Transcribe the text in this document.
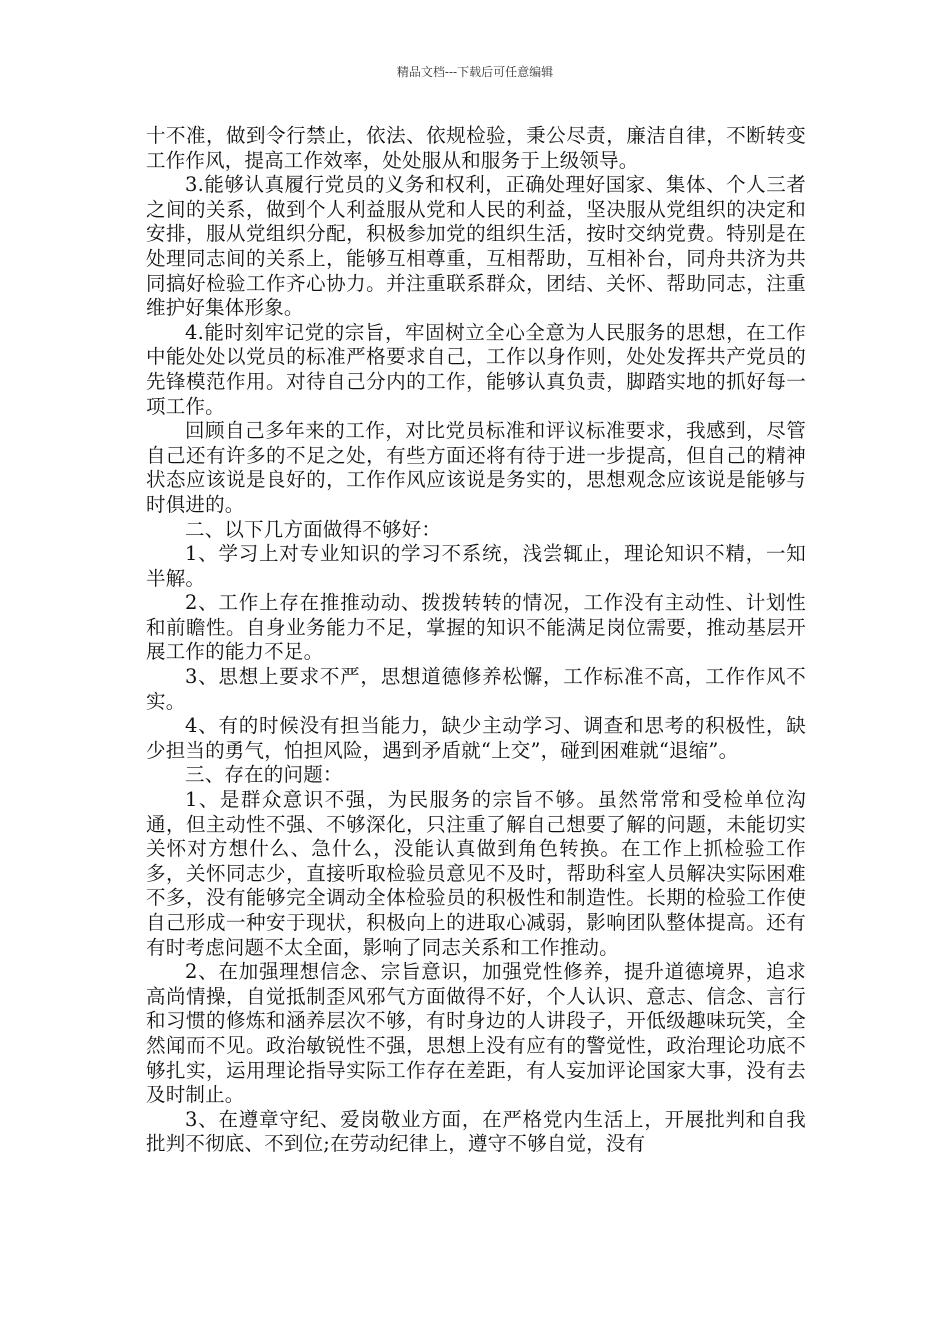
精品文档---下载后可任意编辑

十不准，做到令行禁止，依法、依规检验，秉公尽责，廉洁自律，不断转变工作作风，提高工作效率，处处服从和服务于上级领导。

3.能够认真履行党员的义务和权利，正确处理好国家、集体、个人三者之间的关系，做到个人利益服从党和人民的利益，坚决服从党组织的决定和安排，服从党组织分配，积极参加党的组织生活，按时交纳党费。特别是在处理同志间的关系上，能够互相尊重，互相帮助，互相补台，同舟共济为共同搞好检验工作齐心协力。并注重联系群众，团结、关怀、帮助同志，注重维护好集体形象。

4.能时刻牢记党的宗旨，牢固树立全心全意为人民服务的思想，在工作中能处处以党员的标准严格要求自己，工作以身作则，处处发挥共产党员的先锋模范作用。对待自己分内的工作，能够认真负责，脚踏实地的抓好每一项工作。

回顾自己多年来的工作，对比党员标准和评议标准要求，我感到，尽管自己还有许多的不足之处，有些方面还将有待于进一步提高，但自己的精神状态应该说是良好的，工作作风应该说是务实的，思想观念应该说是能够与时俱进的。

二、以下几方面做得不够好：

1、学习上对专业知识的学习不系统，浅尝辄止，理论知识不精，一知半解。

2、工作上存在推推动动、拨拨转转的情况，工作没有主动性、计划性和前瞻性。自身业务能力不足，掌握的知识不能满足岗位需要，推动基层开展工作的能力不足。

3、思想上要求不严，思想道德修养松懈，工作标准不高，工作作风不实。

4、有的时候没有担当能力，缺少主动学习、调查和思考的积极性，缺少担当的勇气，怕担风险，遇到矛盾就“上交”，碰到困难就“退缩”。

三、存在的问题：

1、是群众意识不强，为民服务的宗旨不够。虽然常常和受检单位沟通，但主动性不强、不够深化，只注重了解自己想要了解的问题，未能切实关怀对方想什么、急什么，没能认真做到角色转换。在工作上抓检验工作多，关怀同志少，直接听取检验员意见不及时，帮助科室人员解决实际困难不多，没有能够完全调动全体检验员的积极性和制造性。长期的检验工作使自己形成一种安于现状，积极向上的进取心减弱，影响团队整体提高。还有有时考虑问题不太全面，影响了同志关系和工作推动。

2、在加强理想信念、宗旨意识，加强党性修养，提升道德境界，追求高尚情操，自觉抵制歪风邪气方面做得不好，个人认识、意志、信念、言行和习惯的修炼和涵养层次不够，有时身边的人讲段子，开低级趣味玩笑，全然闻而不见。政治敏锐性不强，思想上没有应有的警觉性，政治理论功底不够扎实，运用理论指导实际工作存在差距，有人妄加评论国家大事，没有去及时制止。

3、在遵章守纪、爱岗敬业方面，在严格党内生活上，开展批判和自我批判不彻底、不到位;在劳动纪律上，遵守不够自觉，没有
